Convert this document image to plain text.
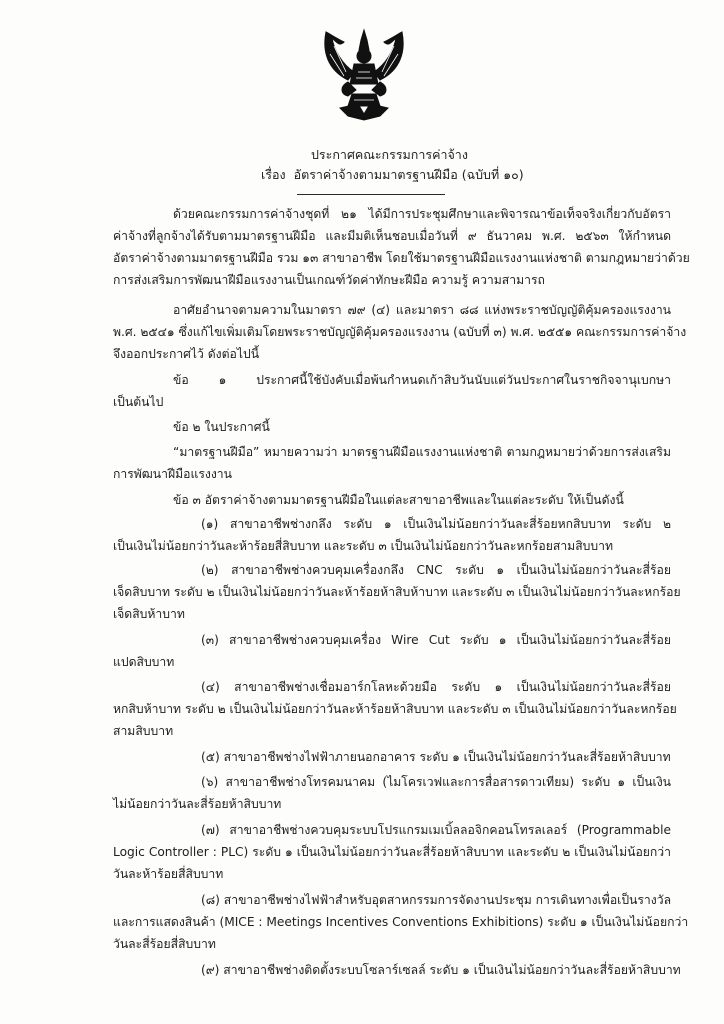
ประกาศคณะกรรมการค่าจ้าง
เรื่อง อัตราค่าจ้างตามมาตรฐานฝีมือ (ฉบับที่ ๑๐)
ด้วยคณะกรรมการค่าจ้างชุดที่ ๒๑ ได้มีการประชุมศึกษาและพิจารณาข้อเท็จจริงเกี่ยวกับอัตรา
ค่าจ้างที่ลูกจ้างได้รับตามมาตรฐานฝีมือ และมีมติเห็นชอบเมื่อวันที่ ๙ ธันวาคม พ.ศ. ๒๕๖๓ ให้กำหนด
อัตราค่าจ้างตามมาตรฐานฝีมือ รวม ๑๓ สาขาอาชีพ โดยใช้มาตรฐานฝีมือแรงงานแห่งชาติ ตามกฎหมายว่าด้วย
การส่งเสริมการพัฒนาฝีมือแรงงานเป็นเกณฑ์วัดค่าทักษะฝีมือ ความรู้ ความสามารถ
อาศัยอำนาจตามความในมาตรา ๗๙ (๔) และมาตรา ๘๘ แห่งพระราชบัญญัติคุ้มครองแรงงาน
พ.ศ. ๒๕๔๑ ซึ่งแก้ไขเพิ่มเติมโดยพระราชบัญญัติคุ้มครองแรงงาน (ฉบับที่ ๓) พ.ศ. ๒๕๕๑ คณะกรรมการค่าจ้าง
จึงออกประกาศไว้ ดังต่อไปนี้
ข้อ ๑ ประกาศนี้ใช้บังคับเมื่อพ้นกำหนดเก้าสิบวันนับแต่วันประกาศในราชกิจจานุเบกษา
เป็นต้นไป
ข้อ ๒ ในประกาศนี้
“มาตรฐานฝีมือ” หมายความว่า มาตรฐานฝีมือแรงงานแห่งชาติ ตามกฎหมายว่าด้วยการส่งเสริม
การพัฒนาฝีมือแรงงาน
ข้อ ๓ อัตราค่าจ้างตามมาตรฐานฝีมือในแต่ละสาขาอาชีพและในแต่ละระดับ ให้เป็นดังนี้
(๑) สาขาอาชีพช่างกลึง ระดับ ๑ เป็นเงินไม่น้อยกว่าวันละสี่ร้อยหกสิบบาท ระดับ ๒
เป็นเงินไม่น้อยกว่าวันละห้าร้อยสี่สิบบาท และระดับ ๓ เป็นเงินไม่น้อยกว่าวันละหกร้อยสามสิบบาท
(๒) สาขาอาชีพช่างควบคุมเครื่องกลึง CNC ระดับ ๑ เป็นเงินไม่น้อยกว่าวันละสี่ร้อย
เจ็ดสิบบาท ระดับ ๒ เป็นเงินไม่น้อยกว่าวันละห้าร้อยห้าสิบห้าบาท และระดับ ๓ เป็นเงินไม่น้อยกว่าวันละหกร้อย
เจ็ดสิบห้าบาท
(๓) สาขาอาชีพช่างควบคุมเครื่อง Wire Cut ระดับ ๑ เป็นเงินไม่น้อยกว่าวันละสี่ร้อย
แปดสิบบาท
(๔) สาขาอาชีพช่างเชื่อมอาร์กโลหะด้วยมือ ระดับ ๑ เป็นเงินไม่น้อยกว่าวันละสี่ร้อย
หกสิบห้าบาท ระดับ ๒ เป็นเงินไม่น้อยกว่าวันละห้าร้อยห้าสิบบาท และระดับ ๓ เป็นเงินไม่น้อยกว่าวันละหกร้อย
สามสิบบาท
(๕) สาขาอาชีพช่างไฟฟ้าภายนอกอาคาร ระดับ ๑ เป็นเงินไม่น้อยกว่าวันละสี่ร้อยห้าสิบบาท
(๖) สาขาอาชีพช่างโทรคมนาคม (ไมโครเวฟและการสื่อสารดาวเทียม) ระดับ ๑ เป็นเงิน
ไม่น้อยกว่าวันละสี่ร้อยห้าสิบบาท
(๗) สาขาอาชีพช่างควบคุมระบบโปรแกรมเมเบิ้ลลอจิกคอนโทรลเลอร์ (Programmable
Logic Controller : PLC) ระดับ ๑ เป็นเงินไม่น้อยกว่าวันละสี่ร้อยห้าสิบบาท และระดับ ๒ เป็นเงินไม่น้อยกว่า
วันละห้าร้อยสี่สิบบาท
(๘) สาขาอาชีพช่างไฟฟ้าสำหรับอุตสาหกรรมการจัดงานประชุม การเดินทางเพื่อเป็นรางวัล
และการแสดงสินค้า (MICE : Meetings Incentives Conventions Exhibitions) ระดับ ๑ เป็นเงินไม่น้อยกว่า
วันละสี่ร้อยสี่สิบบาท
(๙) สาขาอาชีพช่างติดตั้งระบบโซลาร์เซลล์ ระดับ ๑ เป็นเงินไม่น้อยกว่าวันละสี่ร้อยห้าสิบบาท
